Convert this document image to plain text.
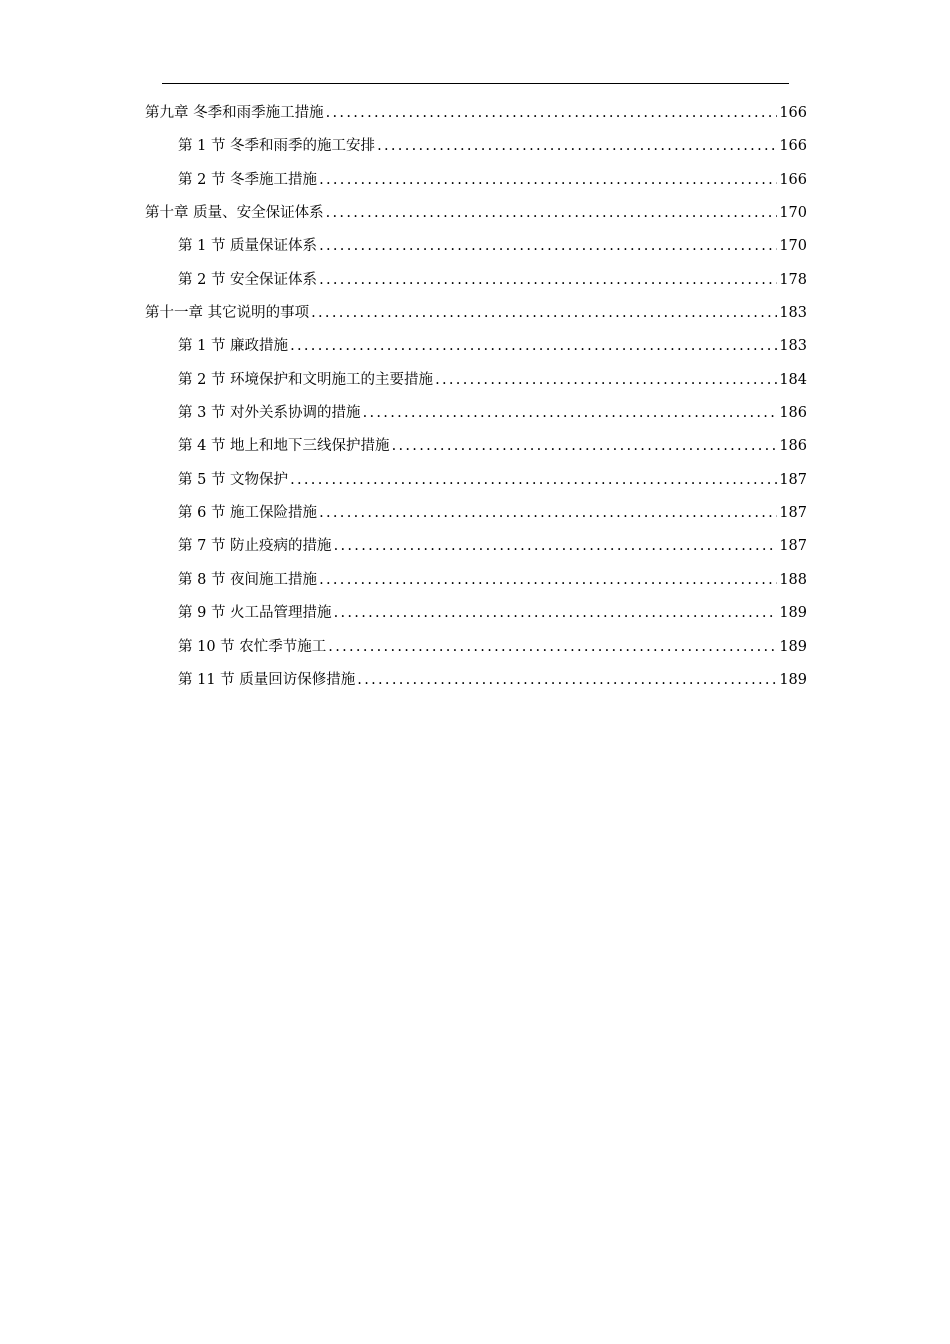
第九章 冬季和雨季施工措施 .....	166
第 1 节 冬季和雨季的施工安排 .....	166
第 2 节 冬季施工措施 .....	166
第十章 质量、安全保证体系 .....	170
第 1 节 质量保证体系 .....	170
第 2 节 安全保证体系 .....	178
第十一章 其它说明的事项 .....	183
第 1 节 廉政措施 .....	183
第 2 节 环境保护和文明施工的主要措施 .....	184
第 3 节 对外关系协调的措施 .....	186
第 4 节 地上和地下三线保护措施 .....	186
第 5 节 文物保护 .....	187
第 6 节 施工保险措施 .....	187
第 7 节 防止疫病的措施 .....	187
第 8 节 夜间施工措施 .....	188
第 9 节 火工品管理措施 .....	189
第 10 节 农忙季节施工 .....	189
第 11 节 质量回访保修措施 .....	189
